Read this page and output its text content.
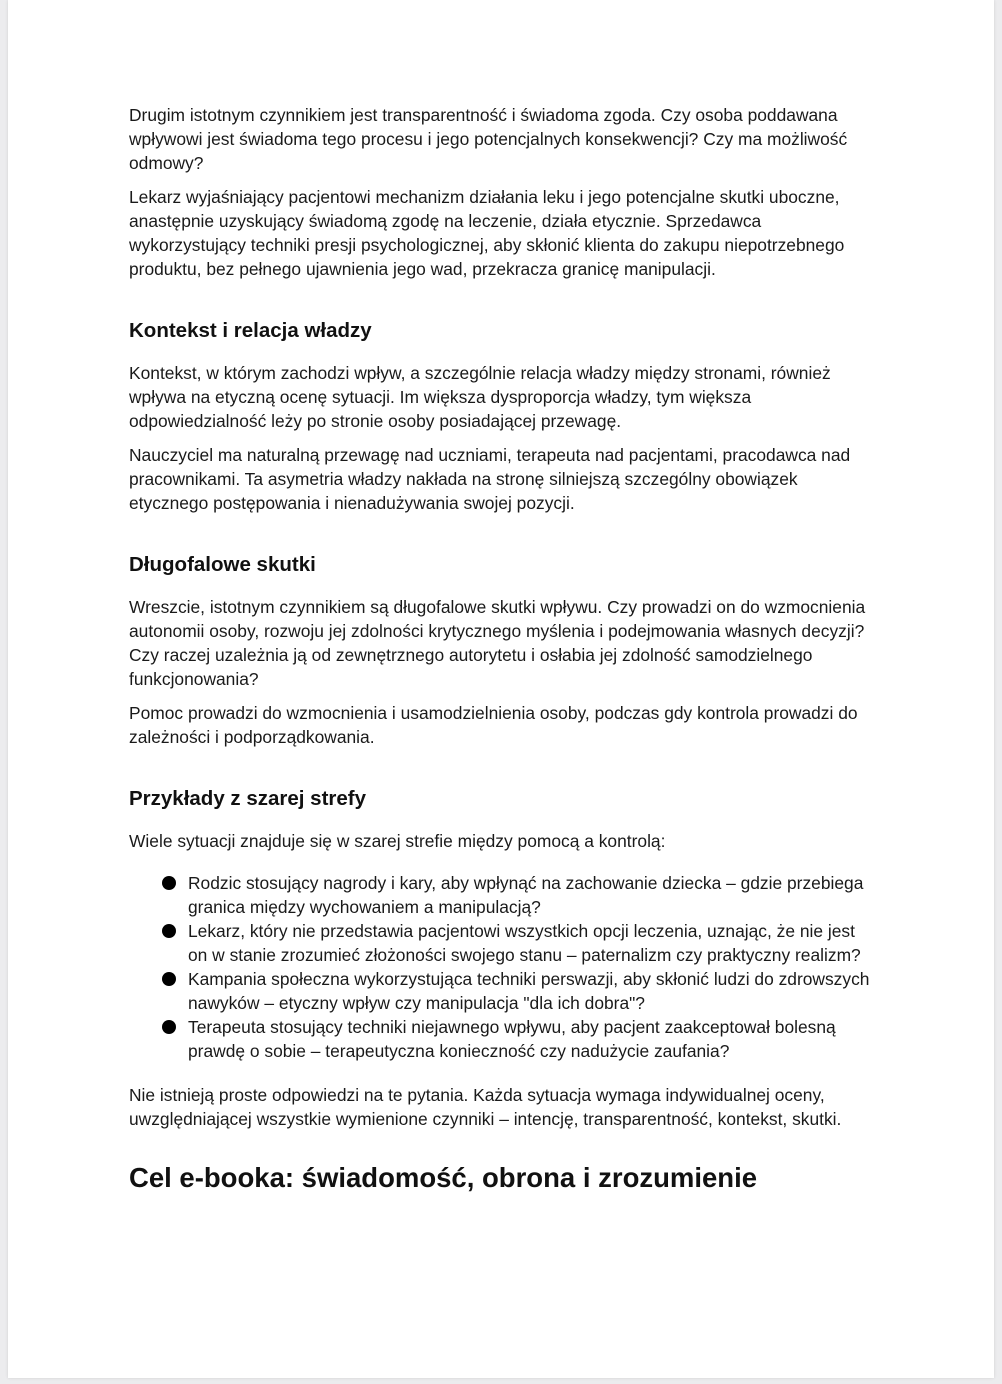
Drugim istotnym czynnikiem jest transparentność i świadoma zgoda. Czy osoba poddawana wpływowi jest świadoma tego procesu i jego potencjalnych konsekwencji? Czy ma możliwość odmowy?

Lekarz wyjaśniający pacjentowi mechanizm działania leku i jego potencjalne skutki uboczne, anastępnie uzyskujący świadomą zgodę na leczenie, działa etycznie. Sprzedawca wykorzystujący techniki presji psychologicznej, aby skłonić klienta do zakupu niepotrzebnego produktu, bez pełnego ujawnienia jego wad, przekracza granicę manipulacji.

Kontekst i relacja władzy

Kontekst, w którym zachodzi wpływ, a szczególnie relacja władzy między stronami, również wpływa na etyczną ocenę sytuacji. Im większa dysproporcja władzy, tym większa odpowiedzialność leży po stronie osoby posiadającej przewagę.

Nauczyciel ma naturalną przewagę nad uczniami, terapeuta nad pacjentami, pracodawca nad pracownikami. Ta asymetria władzy nakłada na stronę silniejszą szczególny obowiązek etycznego postępowania i nienadużywania swojej pozycji.

Długofalowe skutki

Wreszcie, istotnym czynnikiem są długofalowe skutki wpływu. Czy prowadzi on do wzmocnienia autonomii osoby, rozwoju jej zdolności krytycznego myślenia i podejmowania własnych decyzji? Czy raczej uzależnia ją od zewnętrznego autorytetu i osłabia jej zdolność samodzielnego funkcjonowania?

Pomoc prowadzi do wzmocnienia i usamodzielnienia osoby, podczas gdy kontrola prowadzi do zależności i podporządkowania.

Przykłady z szarej strefy

Wiele sytuacji znajduje się w szarej strefie między pomocą a kontrolą:

Rodzic stosujący nagrody i kary, aby wpłynąć na zachowanie dziecka – gdzie przebiega granica między wychowaniem a manipulacją?
Lekarz, który nie przedstawia pacjentowi wszystkich opcji leczenia, uznając, że nie jest on w stanie zrozumieć złożoności swojego stanu – paternalizm czy praktyczny realizm?
Kampania społeczna wykorzystująca techniki perswazji, aby skłonić ludzi do zdrowszych nawyków – etyczny wpływ czy manipulacja "dla ich dobra"?
Terapeuta stosujący techniki niejawnego wpływu, aby pacjent zaakceptował bolesną prawdę o sobie – terapeutyczna konieczność czy nadużycie zaufania?

Nie istnieją proste odpowiedzi na te pytania. Każda sytuacja wymaga indywidualnej oceny, uwzględniającej wszystkie wymienione czynniki – intencję, transparentność, kontekst, skutki.

Cel e-booka: świadomość, obrona i zrozumienie
